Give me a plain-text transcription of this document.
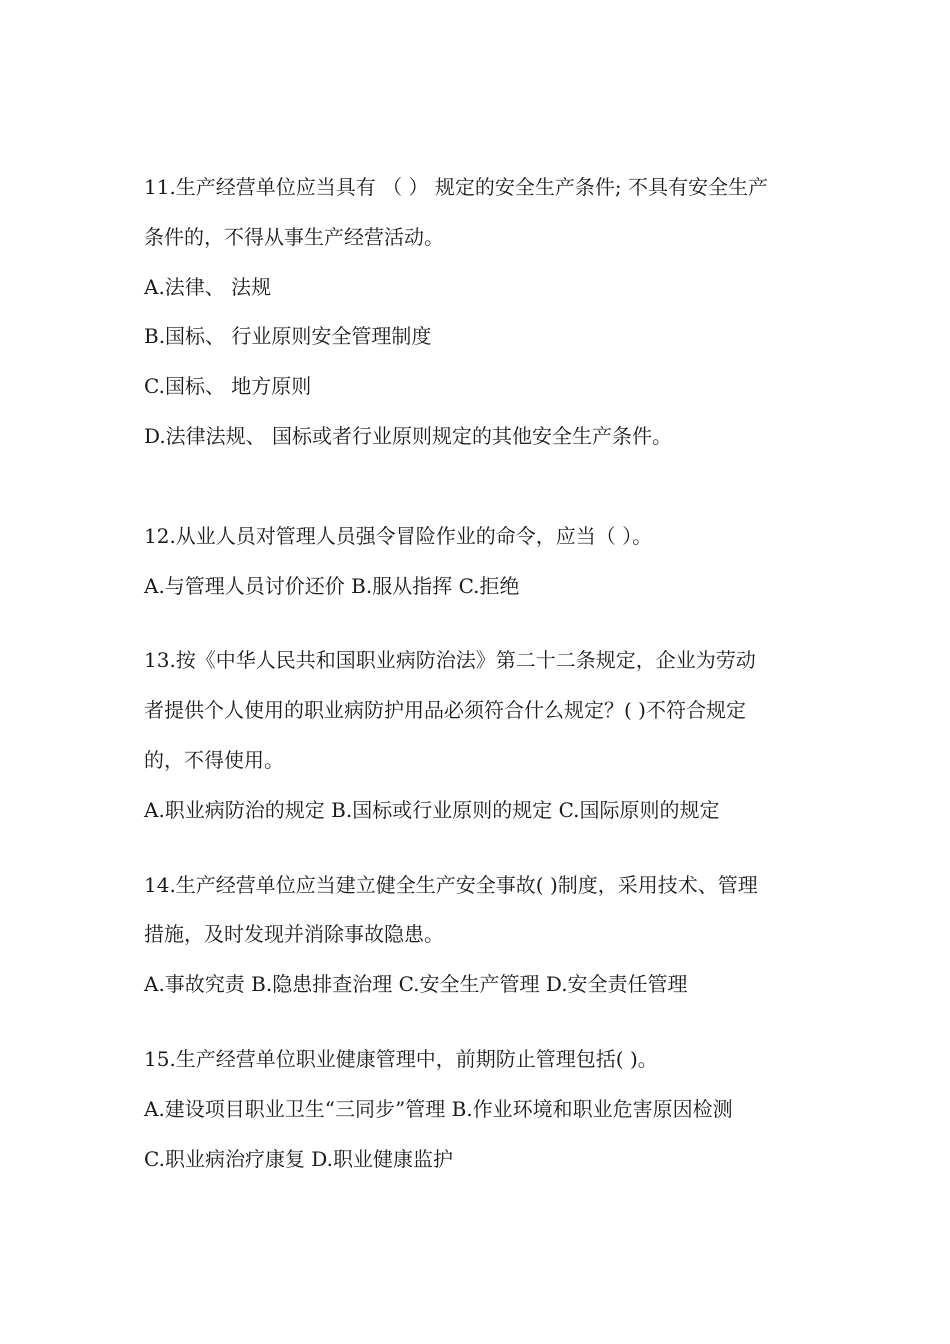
11.生产经营单位应当具有 （ ） 规定的安全生产条件; 不具有安全生产
条件的，不得从事生产经营活动。
A.法律、 法规
B.国标、 行业原则安全管理制度
C.国标、 地方原则
D.法律法规、 国标或者行业原则规定的其他安全生产条件。
12.从业人员对管理人员强令冒险作业的命令，应当（ ）。
A.与管理人员讨价还价 B.服从指挥 C.拒绝
13.按《中华人民共和国职业病防治法》第二十二条规定，企业为劳动
者提供个人使用的职业病防护用品必须符合什么规定？( )不符合规定
的，不得使用。
A.职业病防治的规定 B.国标或行业原则的规定 C.国际原则的规定
14.生产经营单位应当建立健全生产安全事故( )制度，采用技术、管理
措施，及时发现并消除事故隐患。
A.事故究责 B.隐患排查治理 C.安全生产管理 D.安全责任管理
15.生产经营单位职业健康管理中，前期防止管理包括( )。
A.建设项目职业卫生“三同步”管理 B.作业环境和职业危害原因检测
C.职业病治疗康复 D.职业健康监护
